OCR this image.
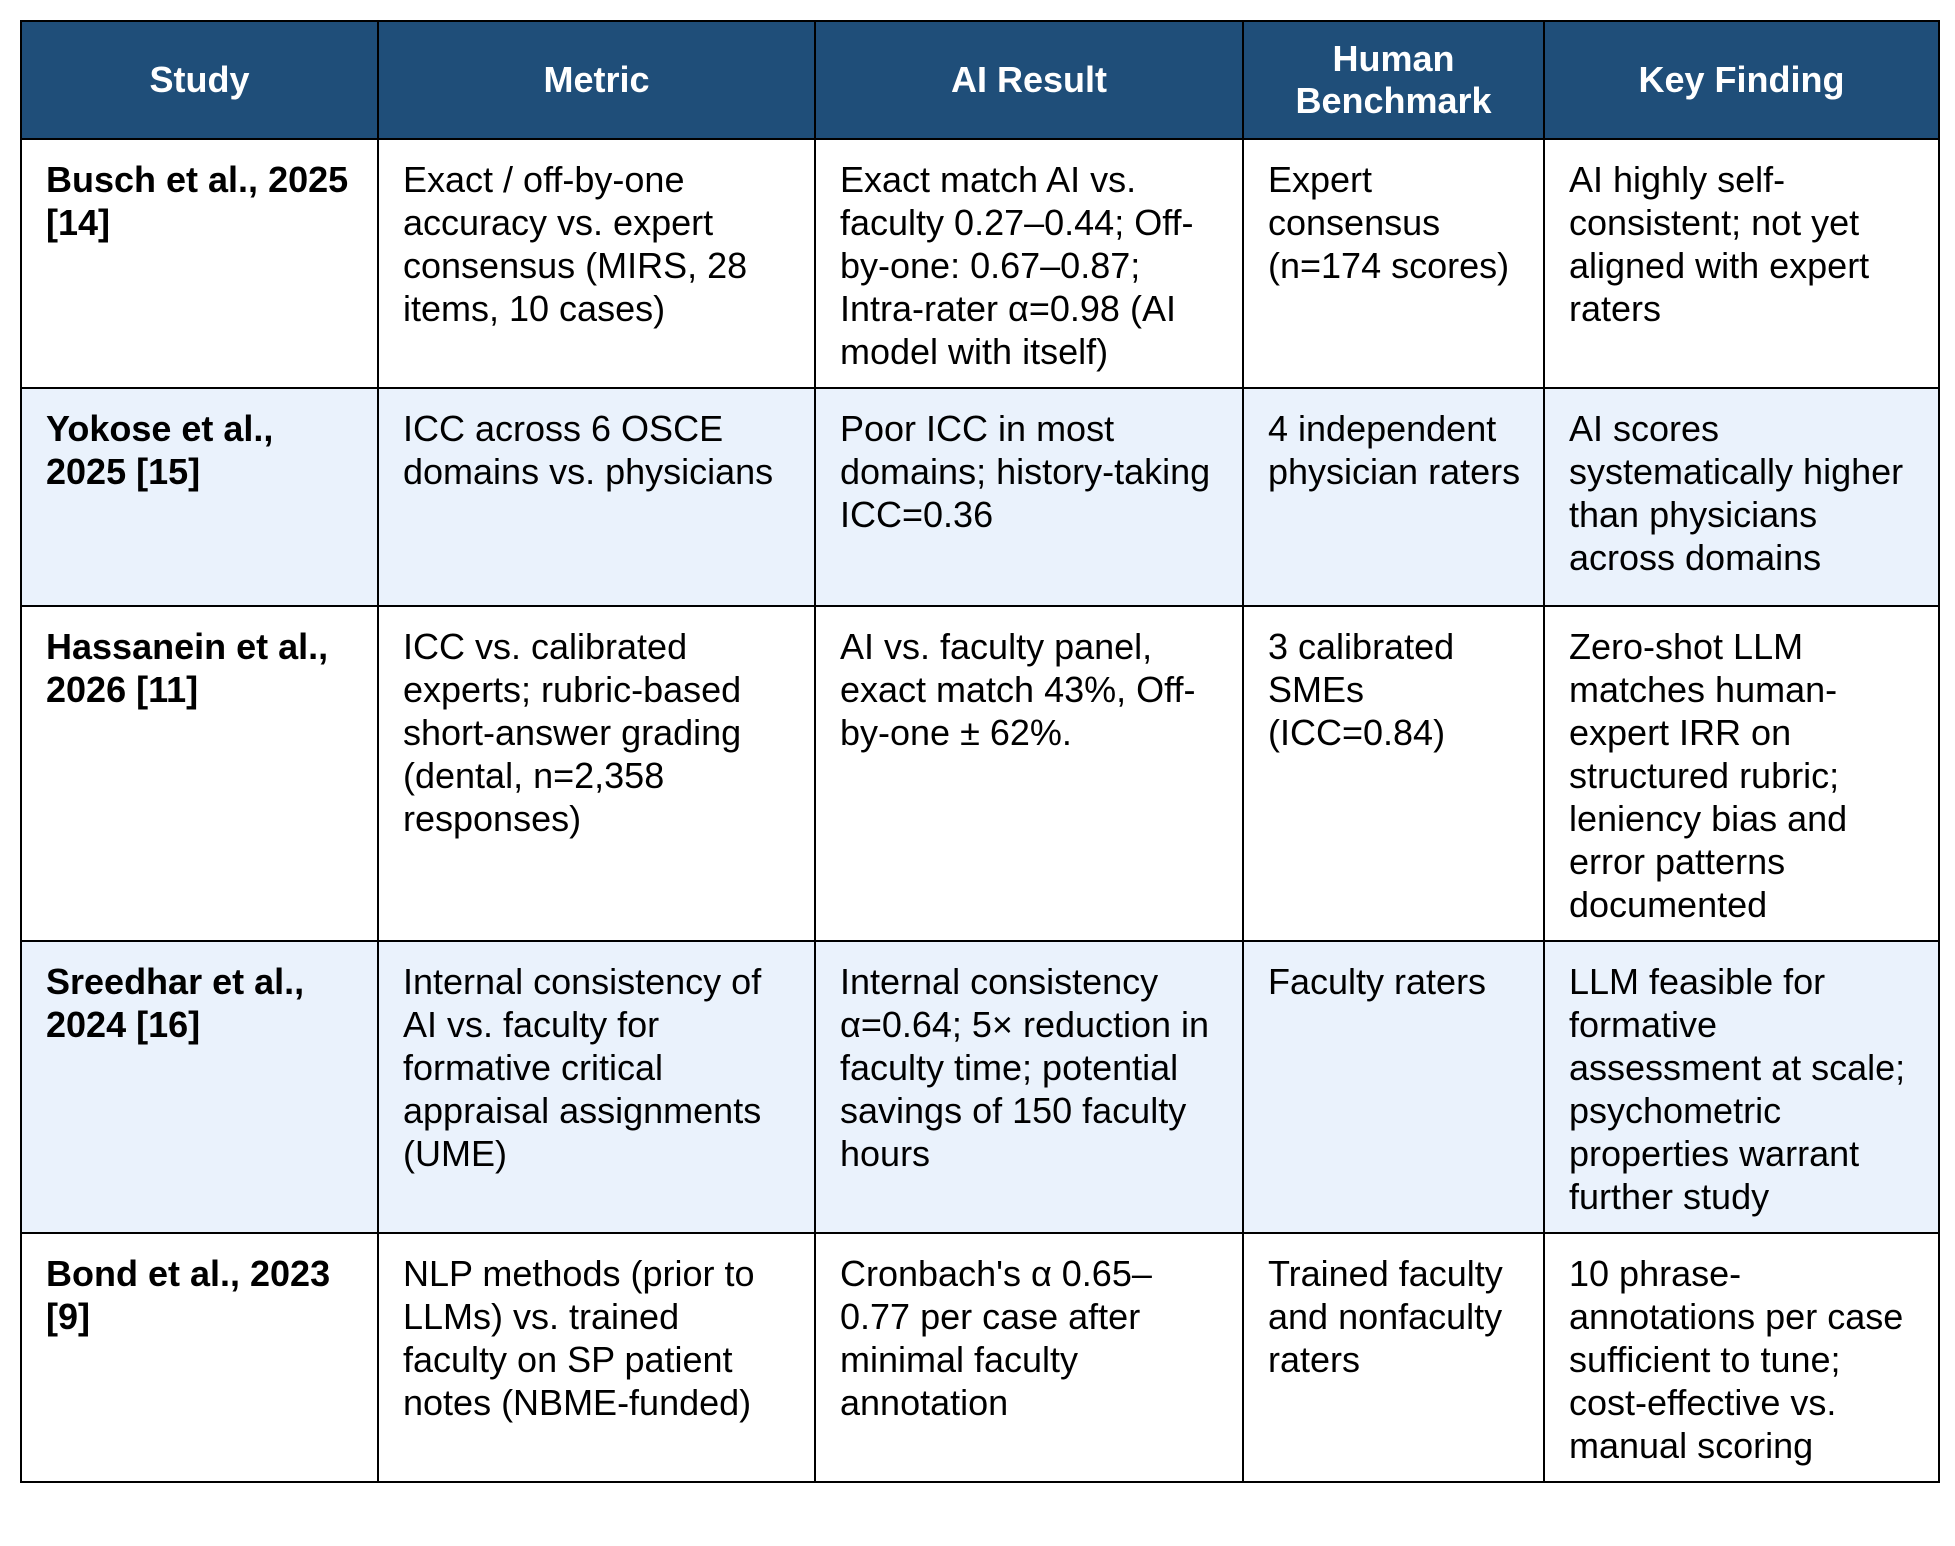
Study	Metric	AI Result	Human Benchmark	Key Finding
Busch et al., 2025 [14]	Exact / off-by-one accuracy vs. expert consensus (MIRS, 28 items, 10 cases)	Exact match AI vs. faculty 0.27–0.44; Off-by-one: 0.67–0.87; Intra-rater α=0.98 (AI model with itself)	Expert consensus (n=174 scores)	AI highly self-consistent; not yet aligned with expert raters
Yokose et al., 2025 [15]	ICC across 6 OSCE domains vs. physicians	Poor ICC in most domains; history-taking ICC=0.36	4 independent physician raters	AI scores systematically higher than physicians across domains
Hassanein et al., 2026 [11]	ICC vs. calibrated experts; rubric-based short-answer grading (dental, n=2,358 responses)	AI vs. faculty panel, exact match 43%, Off-by-one ± 62%.	3 calibrated SMEs (ICC=0.84)	Zero-shot LLM matches human-expert IRR on structured rubric; leniency bias and error patterns documented
Sreedhar et al., 2024 [16]	Internal consistency of AI vs. faculty for formative critical appraisal assignments (UME)	Internal consistency α=0.64; 5× reduction in faculty time; potential savings of 150 faculty hours	Faculty raters	LLM feasible for formative assessment at scale; psychometric properties warrant further study
Bond et al., 2023 [9]	NLP methods (prior to LLMs) vs. trained faculty on SP patient notes (NBME-funded)	Cronbach's α 0.65–0.77 per case after minimal faculty annotation	Trained faculty and nonfaculty raters	10 phrase-annotations per case sufficient to tune; cost-effective vs. manual scoring
